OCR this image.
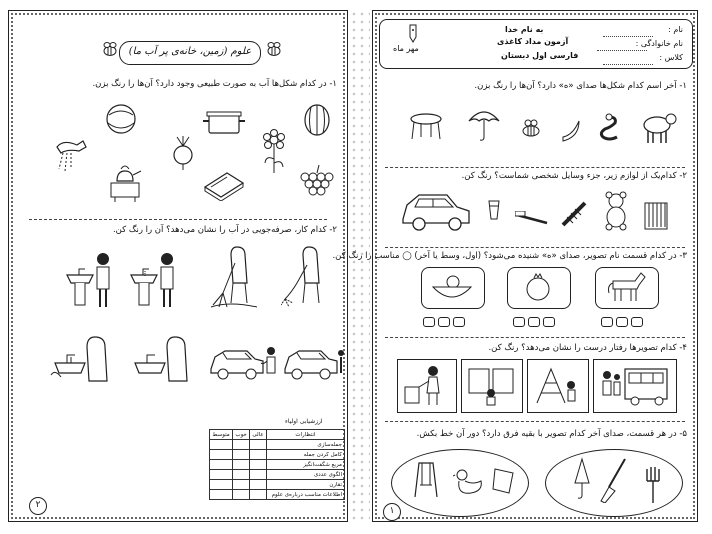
علوم (زمین، خانه‌ی پر آب ما)
۱- در کدام شکل‌ها آب به صورت طبیعی وجود دارد؟ آن‌ها را رنگ بزن.
۲- کدام کار، صرفه‌جویی در آب را نشان می‌دهد؟ آن را رنگ کن.
ارزشیابی اولیاء
انتظارات	عالی	خوب	متوسط
جمله‌سازی			
کامل کردن جمله			
مربع شگفت‌انگیز			
الگوی عددی			
تقارن			
اطلاعات مناسب درباره‌ی علوم			
۲
به نام خدا
آزمون مداد کاغذی
فارسی اول دبستان
مهر ماه
نام :
نام خانوادگی :
کلاس :
۱- آخر اسم کدام شکل‌ها صدای «ه» دارد؟ آن‌ها را رنگ بزن.
۲- کدام‌یک از لوازم زیر، جزء وسایل شخصی شماست؟ رنگ کن.
۳- در کدام قسمت نام تصویر، صدای «ه» شنیده می‌شود؟ (اول، وسط یا آخر) ◯ مناسب را رنگ کن.
۴- کدام تصویرها رفتار درست را نشان می‌دهد؟ رنگ کن.
۵- در هر قسمت، صدای آخر کدام تصویر با بقیه فرق دارد؟ دور آن خط بکش.
۱
